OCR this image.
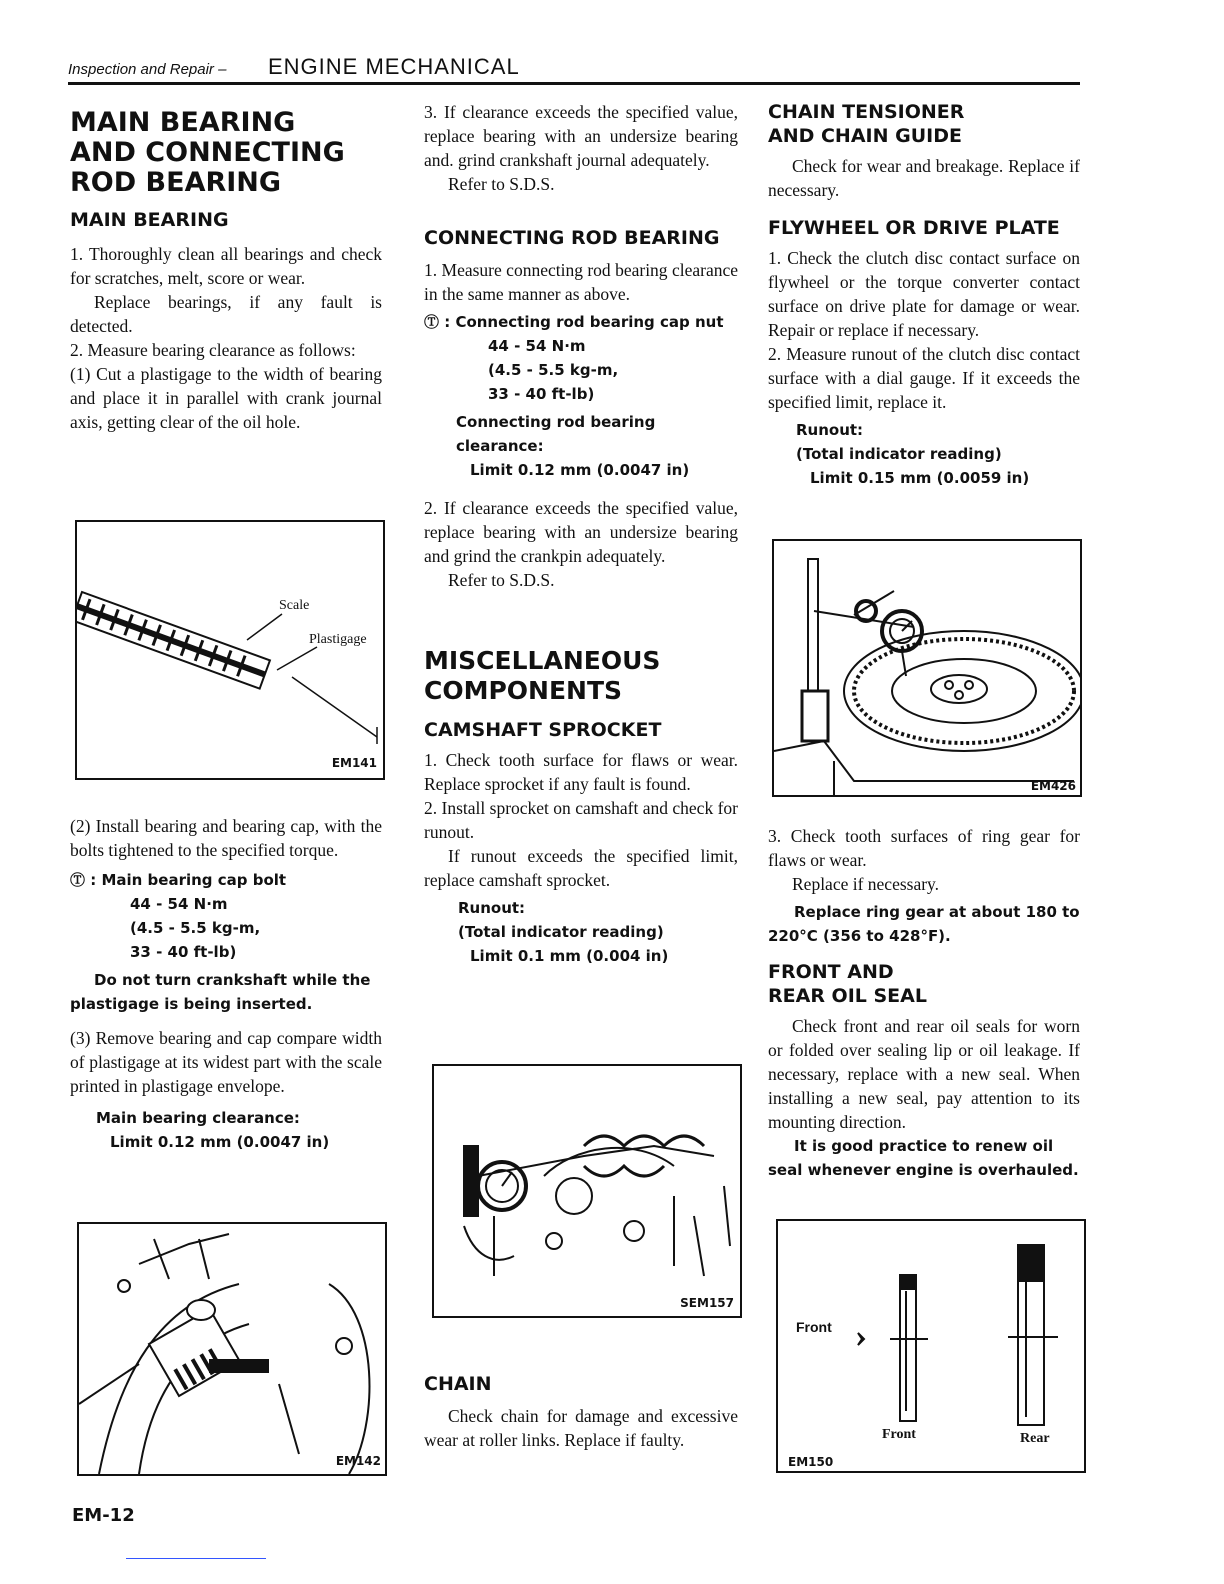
Inspection and Repair – ENGINE MECHANICAL
MAIN BEARING
AND CONNECTING
ROD BEARING
MAIN BEARING

1. Thoroughly clean all bearings and check for scratches, melt, score or wear.

Replace bearings, if any fault is detected.

2. Measure bearing clearance as follows:

(1) Cut a plastigage to the width of bearing and place it in parallel with crank journal axis, getting clear of the oil hole.

Scale
Plastigage
EM141

(2) Install bearing and bearing cap, with the bolts tightened to the specified torque.

Ⓣ : Main bearing cap bolt

44 - 54 N·m

(4.5 - 5.5 kg-m,

33 - 40 ft-lb)

Do not turn crankshaft while the plastigage is being inserted.

(3) Remove bearing and cap compare width of plastigage at its widest part with the scale printed in plastigage envelope.

Main bearing clearance:

Limit 0.12 mm (0.0047 in)

EM142

3. If clearance exceeds the specified value, replace bearing with an undersize bearing and. grind crankshaft journal adequately.

Refer to S.D.S.

CONNECTING ROD BEARING

1. Measure connecting rod bearing clearance in the same manner as above.

Ⓣ : Connecting rod bearing cap nut

44 - 54 N·m

(4.5 - 5.5 kg-m,

33 - 40 ft-lb)

Connecting rod bearing clearance:

Limit 0.12 mm (0.0047 in)

2. If clearance exceeds the specified value, replace bearing with an undersize bearing and grind the crankpin adequately.

Refer to S.D.S.

MISCELLANEOUS
COMPONENTS
CAMSHAFT SPROCKET

1. Check tooth surface for flaws or wear. Replace sprocket if any fault is found.

2. Install sprocket on camshaft and check for runout.

If runout exceeds the specified limit, replace camshaft sprocket.

Runout:

(Total indicator reading)

Limit 0.1 mm (0.004 in)

SEM157
CHAIN

Check chain for damage and excessive wear at roller links. Replace if faulty.

CHAIN TENSIONER
AND CHAIN GUIDE

Check for wear and breakage. Replace if necessary.

FLYWHEEL OR DRIVE PLATE

1. Check the clutch disc contact surface on flywheel or the torque converter contact surface on drive plate for damage or wear. Repair or replace if necessary.

2. Measure runout of the clutch disc contact surface with a dial gauge. If it exceeds the specified limit, replace it.

Runout:

(Total indicator reading)

Limit 0.15 mm (0.0059 in)

EM426

3. Check tooth surfaces of ring gear for flaws or wear.

Replace if necessary.

Replace ring gear at about 180 to 220°C (356 to 428°F).

FRONT AND
REAR OIL SEAL

Check front and rear oil seals for worn or folded over sealing lip or oil leakage. If necessary, replace with a new seal. When installing a new seal, pay attention to its mounting direction.

It is good practice to renew oil seal whenever engine is overhauled.

Front
Front	Rear
EM150
EM-12
